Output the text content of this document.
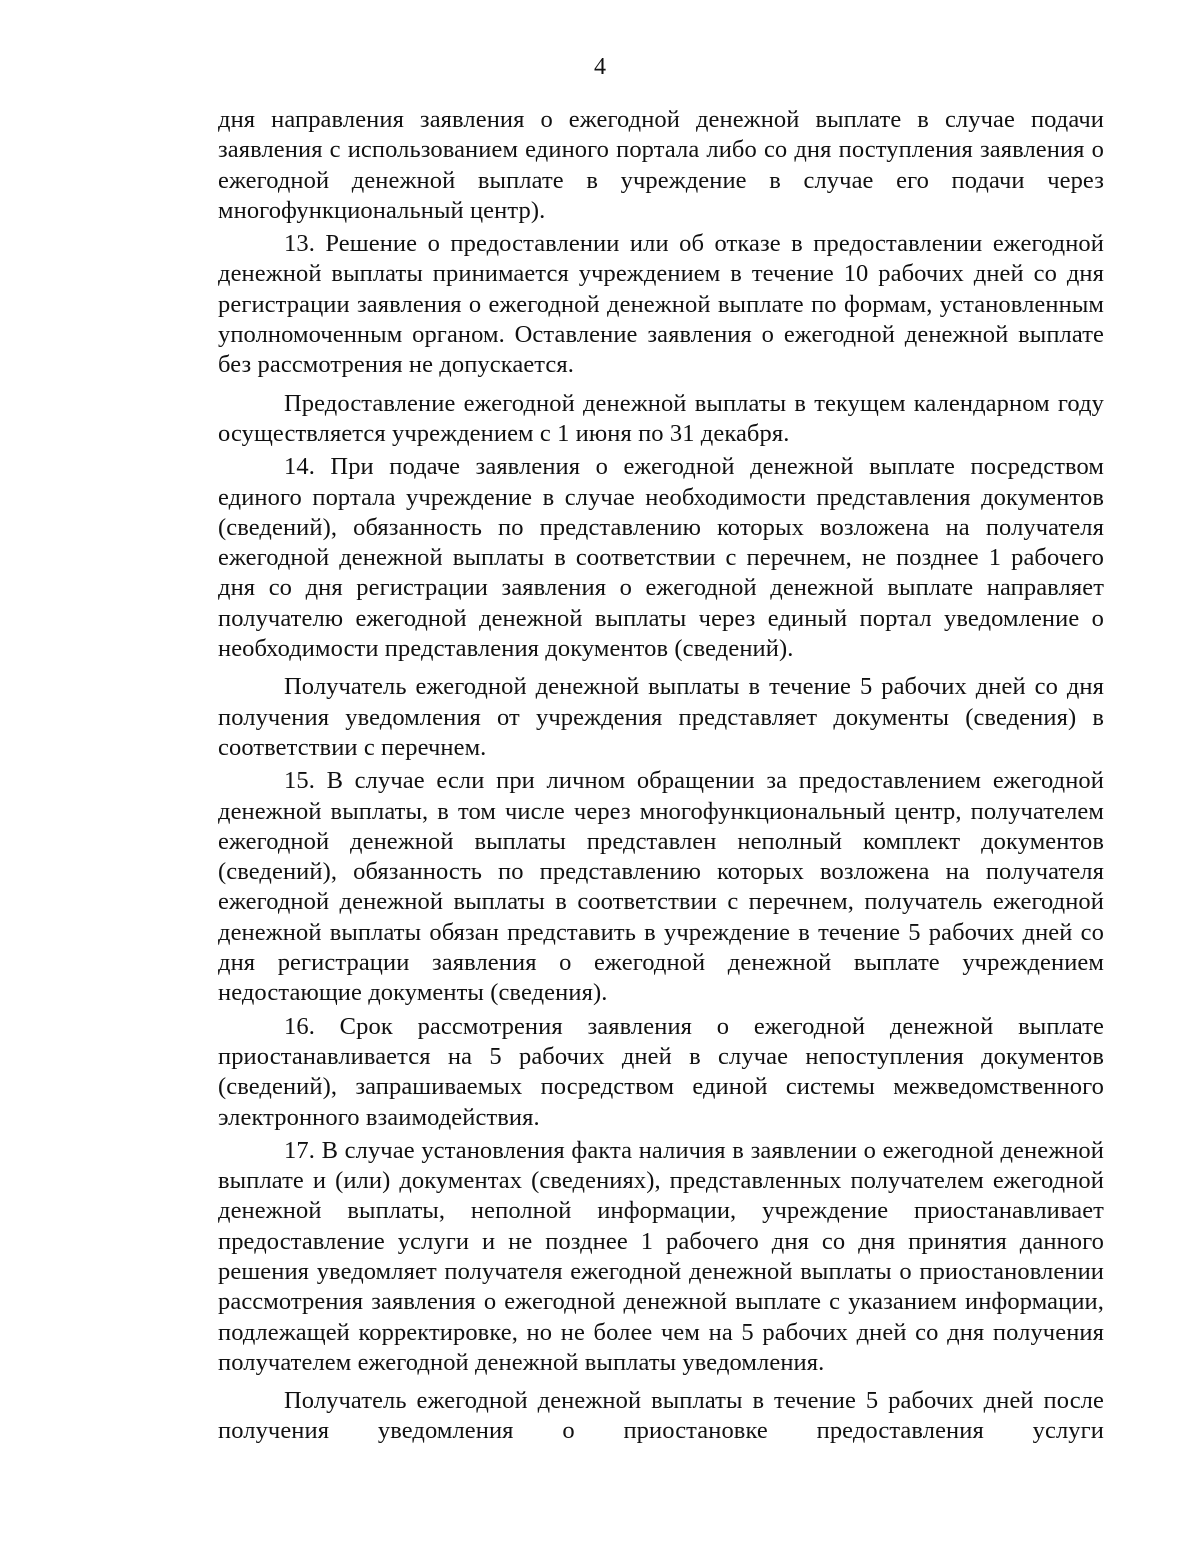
4

дня направления заявления о ежегодной денежной выплате в случае подачи заявления с использованием единого портала либо со дня поступления заявления о ежегодной денежной выплате в учреждение в случае его подачи через многофункциональный центр).

13. Решение о предоставлении или об отказе в предоставлении ежегодной денежной выплаты принимается учреждением в течение 10 рабочих дней со дня регистрации заявления о ежегодной денежной выплате по формам, установленным уполномоченным органом. Оставление заявления о ежегодной денежной выплате без рассмотрения не допускается.

Предоставление ежегодной денежной выплаты в текущем календарном году осуществляется учреждением с 1 июня по 31 декабря.

14. При подаче заявления о ежегодной денежной выплате посредством единого портала учреждение в случае необходимости представления документов (сведений), обязанность по представлению которых возложена на получателя ежегодной денежной выплаты в соответствии с перечнем, не позднее 1 рабочего дня со дня регистрации заявления о ежегодной денежной выплате направляет получателю ежегодной денежной выплаты через единый портал уведомление о необходимости представления документов (сведений).

Получатель ежегодной денежной выплаты в течение 5 рабочих дней со дня получения уведомления от учреждения представляет документы (сведения) в соответствии с перечнем.

15. В случае если при личном обращении за предоставлением ежегодной денежной выплаты, в том числе через многофункциональный центр, получателем ежегодной денежной выплаты представлен неполный комплект документов (сведений), обязанность по представлению которых возложена на получателя ежегодной денежной выплаты в соответствии с перечнем, получатель ежегодной денежной выплаты обязан представить в учреждение в течение 5 рабочих дней со дня регистрации заявления о ежегодной денежной выплате учреждением недостающие документы (сведения).

16. Срок рассмотрения заявления о ежегодной денежной выплате приостанавливается на 5 рабочих дней в случае непоступления документов (сведений), запрашиваемых посредством единой системы межведомственного электронного взаимодействия.

17. В случае установления факта наличия в заявлении о ежегодной денежной выплате и (или) документах (сведениях), представленных получателем ежегодной денежной выплаты, неполной информации, учреждение приостанавливает предоставление услуги и не позднее 1 рабочего дня со дня принятия данного решения уведомляет получателя ежегодной денежной выплаты о приостановлении рассмотрения заявления о ежегодной денежной выплате с указанием информации, подлежащей корректировке, но не более чем на 5 рабочих дней со дня получения получателем ежегодной денежной выплаты уведомления.

Получатель ежегодной денежной выплаты в течение 5 рабочих дней после получения уведомления о приостановке предоставления услуги
